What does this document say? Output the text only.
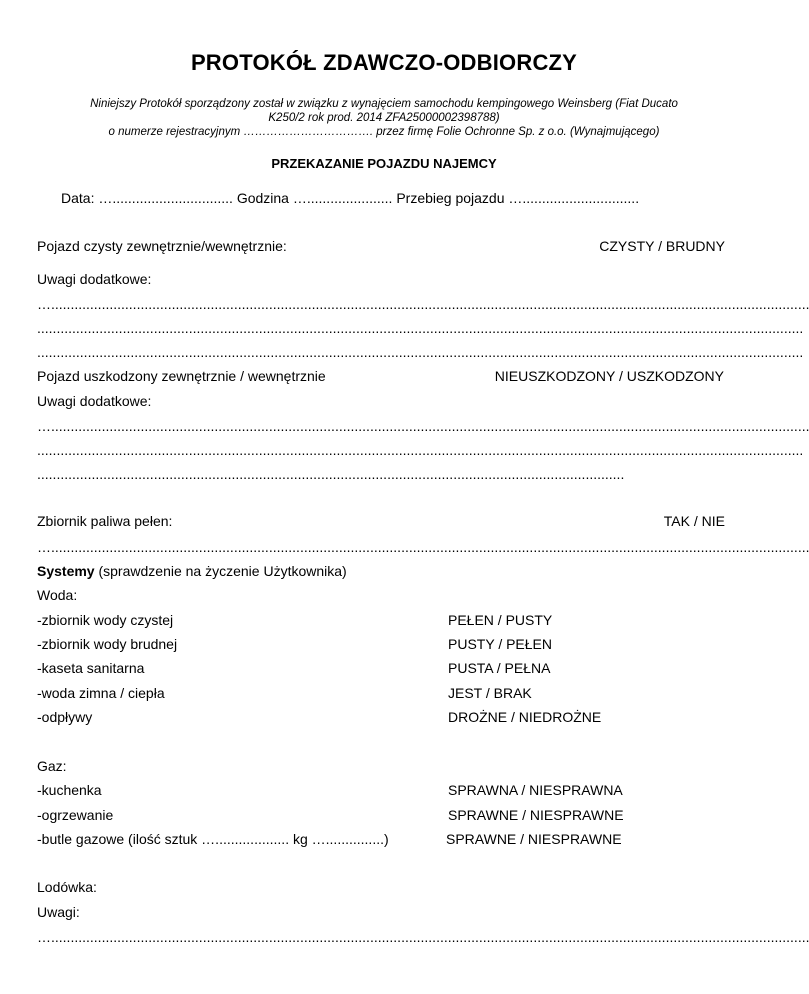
PROTOKÓŁ ZDAWCZO-ODBIORCZY
Niniejszy Protokół sporządzony został w związku z wynajęciem samochodu kempingowego Weinsberg (Fiat Ducato
K250/2 rok prod. 2014 ZFA25000002398788)
o numerze rejestracyjnym ……………………………. przez firmę Folie Ochronne Sp. z o.o. (Wynajmującego)
PRZEKAZANIE POJAZDU NAJEMCY
Data: …............................... Godzina …...................... Przebieg pojazdu …..............................
Pojazd czysty zewnętrznie/wewnętrznie:	CZYSTY / BRUDNY
Uwagi dodatkowe:
…...................................................................................................................................................................................................
.....................................................................................................................................................................................................
.....................................................................................................................................................................................................
Pojazd uszkodzony zewnętrznie / wewnętrznie	NIEUSZKODZONY / USZKODZONY
Uwagi dodatkowe:
…...................................................................................................................................................................................................
.....................................................................................................................................................................................................
.......................................................................................................................................................
Zbiornik paliwa pełen:	TAK / NIE
…...................................................................................................................................................................................................
Systemy (sprawdzenie na życzenie Użytkownika)
Woda:
-zbiornik wody czystej	PEŁEN / PUSTY
-zbiornik wody brudnej	PUSTY / PEŁEN
-kaseta sanitarna	PUSTA / PEŁNA
-woda zimna / ciepła	JEST / BRAK
-odpływy	DROŻNE / NIEDROŻNE
Gaz:
-kuchenka	SPRAWNA / NIESPRAWNA
-ogrzewanie	SPRAWNE / NIESPRAWNE
-butle gazowe (ilość sztuk …................... kg …...............)	SPRAWNE / NIESPRAWNE
Lodówka:
Uwagi:
…...................................................................................................................................................................................................
